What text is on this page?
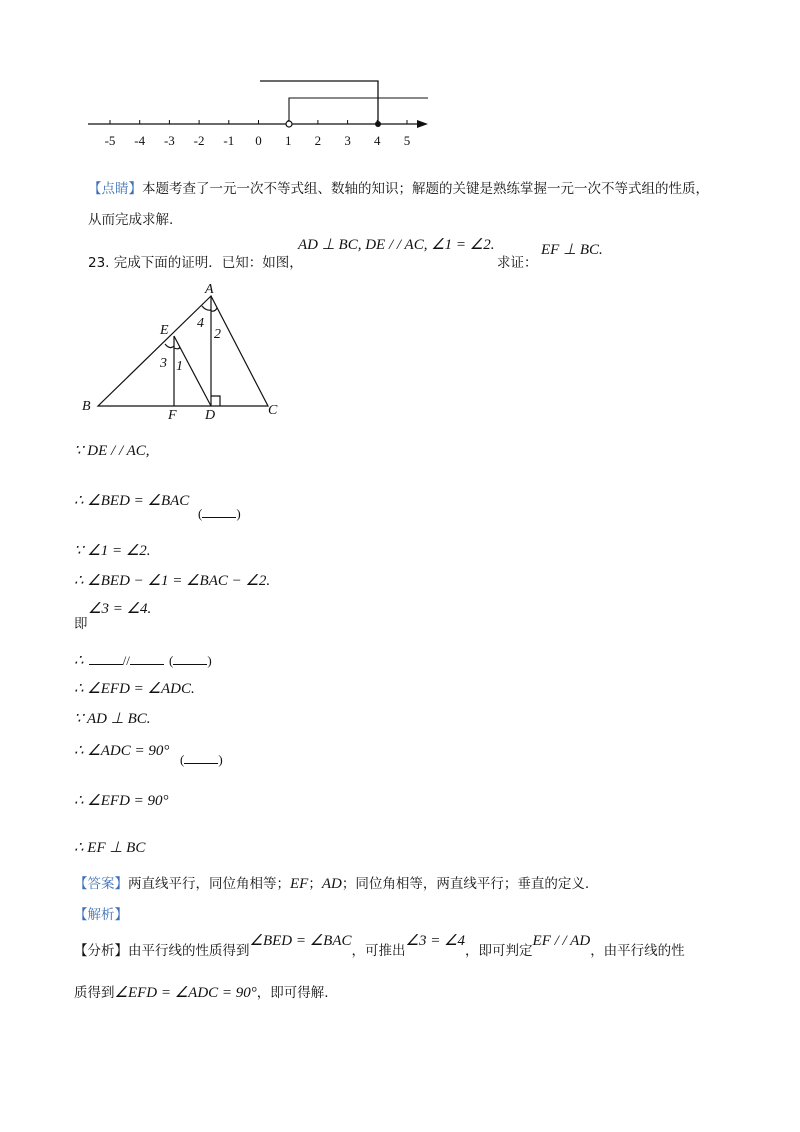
-5 -4 -3 -2 -1 0 1 2 3 4 5
【点睛】本题考查了一元一次不等式组、数轴的知识；解题的关键是熟练掌握一元一次不等式组的性质，
从而完成求解.
23. 完成下面的证明．已知：如图，
AD ⊥ BC, DE / / AC, ∠1 = ∠2.
求证：
EF ⊥ BC.
A
E
B
F D	C
4
2
3 1
∵ DE / / AC,
∴ ∠BED = ∠BAC
(	)
∵ ∠1 = ∠2.
∴ ∠BED − ∠1 = ∠BAC − ∠2.
即
∠3 = ∠4.
∴	//	(	)
∴ ∠EFD = ∠ADC.
∵ AD ⊥ BC.
∴ ∠ADC = 90°
(	)
∴ ∠EFD = 90°
∴ EF ⊥ BC
【答案】两直线平行，同位角相等；EF；AD；同位角相等，两直线平行；垂直的定义.
【解析】
【分析】由平行线的性质得到∠BED = ∠BAC，可推出∠3 = ∠4，即可判定EF / / AD，由平行线的性
质得到∠EFD = ∠ADC = 90°，即可得解.
